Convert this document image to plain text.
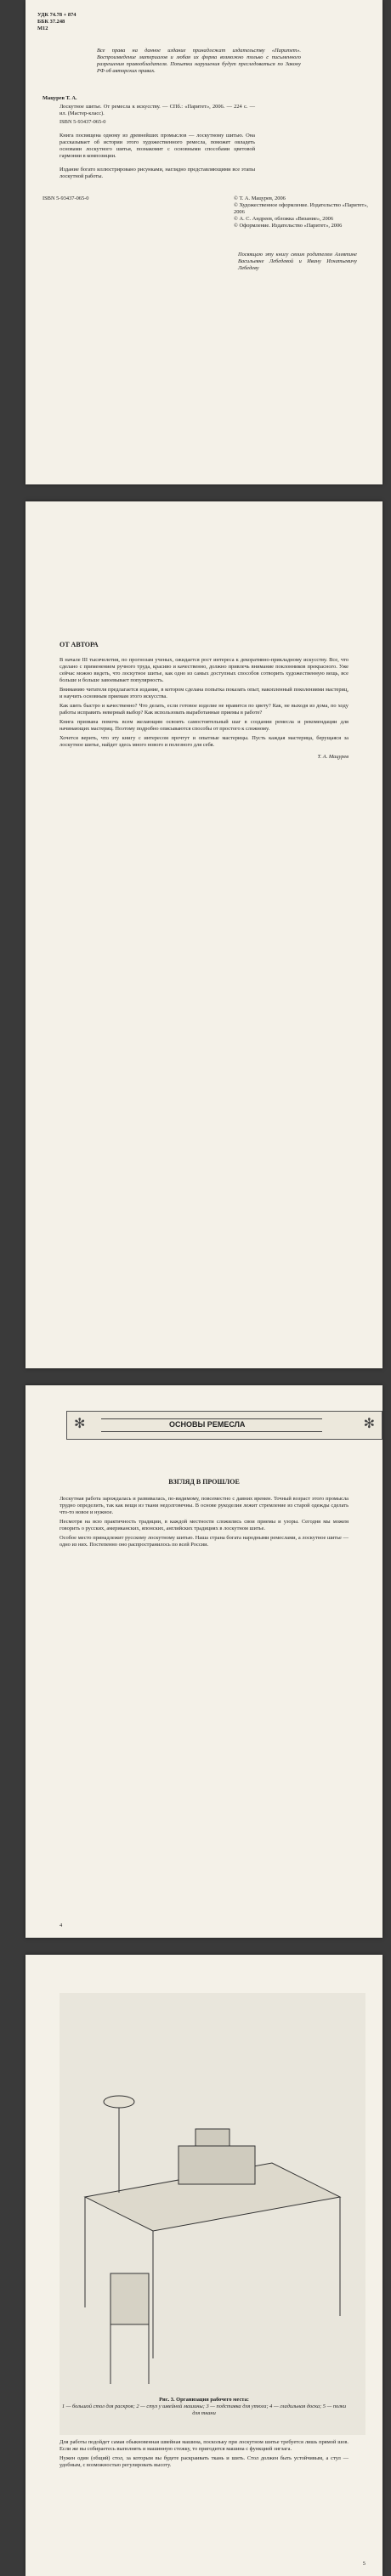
УДК 74.78 + 874

ББК 37.248

М12

Все права на данное издание принадлежат издательству «Паритет». Воспроизведение материалов и любая их форма возможно только с письменного разрешения правообладателя. Попытки нарушения будут преследоваться по Закону РФ об авторских правах.

Мацурев Т. А.

Лоскутное шитье. От ремесла к искусству. — СПб.: «Паритет», 2006. — 224 с. — ил. (Мастер-класс).

ISBN 5-93437-065-0

Книга посвящена одному из древнейших промыслов — лоскутному шитью. Она рассказывает об истории этого художественного ремесла, поможет овладеть основами лоскутного шитья, познакомит с основными способами цветовой гармонии в композиции.

Издание богато иллюстрировано рисунками, наглядно представляющими все этапы лоскутной работы.

ISBN 5-93437-065-0	© Т. А. Мацурев, 2006

© Художественное оформление. Издательство «Паритет», 2006

© А. С. Андреев, обложка «Вязание», 2006

© Оформление. Издательство «Паритет», 2006

Посвящаю эту книгу своим родителям Алевтине Васильевне Лебедевой и Ивану Игнатьевичу Лебедеву

ОТ АВТОРА

В начале III тысячелетия, по прогнозам ученых, ожидается рост интереса к декоративно-прикладному искусству. Все, что сделано с применением ручного труда, красиво и качественно, должно привлечь внимание поклонников прекрасного. Уже сейчас можно видеть, что лоскутное шитье, как одно из самых доступных способов сотворить художественную вещь, все больше и больше завоевывает популярность.

Вниманию читателя предлагается издание, в котором сделана попытка показать опыт, накопленный поколениями мастериц, и научить основным приемам этого искусства.

Как шить быстро и качественно? Что делать, если готовое изделие не нравится по цвету? Как, не выходя из дома, по ходу работы исправить неверный выбор? Как использовать выработанные приемы в работе?

Книга призвана помочь всем желающим освоить самостоятельный шаг в создании ремесла и рекомендации для начинающих мастериц. Поэтому подробно описываются способы от простого к сложному.

Хочется верить, что эту книгу с интересом прочтут и опытные мастерицы. Пусть каждая мастерица, берущаяся за лоскутное шитье, найдет здесь много нового и полезного для себя.

Т. А. Мацурев

✻	✻
ОСНОВЫ РЕМЕСЛА

ВЗГЛЯД В ПРОШЛОЕ

Лоскутная работа зарождалась и развивалась, по-видимому, повсеместно с давних времен. Точный возраст этого промысла трудно определить, так как вещи из ткани недолговечны. В основе рукоделия лежит стремление из старой одежды сделать что-то новое и нужное.

Несмотря на всю практичность традиции, в каждой местности сложились свои приемы и узоры. Сегодня мы можем говорить о русских, американских, японских, английских традициях в лоскутном шитье.

Особое место принадлежит русскому лоскутному шитью. Наша страна богата народными ремеслами, а лоскутное шитье — одно из них. Постепенно оно распространилось по всей России.

4

Рис. 3. Организация рабочего места:

1 — большой стол для раскроя; 2 — стул у швейной машины; 3 — подставка для утюга; 4 — гладильная доска; 5 — полки для ткани

Для работы подойдет самая обыкновенная швейная машина, поскольку при лоскутном шитье требуется лишь прямой шов. Если же вы собираетесь выполнять и машинную стежку, то пригодится машина с функцией зигзага.

Нужен один (общий) стол, за которым вы будете раскраивать ткань и шить. Стол должен быть устойчивым, а стул — удобным, с возможностью регулировать высоту.

5
